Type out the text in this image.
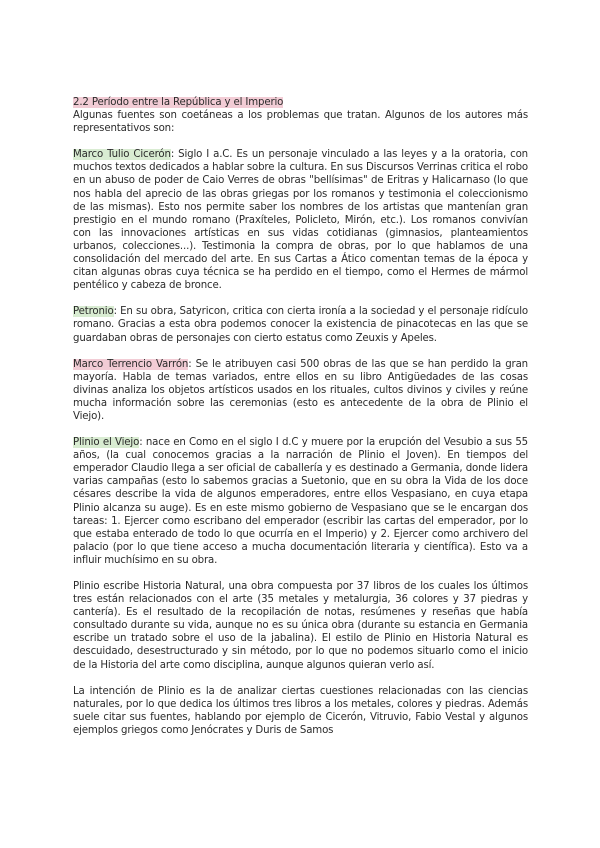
2.2 Período entre la República y el Imperio

Algunas fuentes son coetáneas a los problemas que tratan. Algunos de los autores más representativos son:

Marco Tulio Cicerón: Siglo I a.C. Es un personaje vinculado a las leyes y a la oratoria, con muchos textos dedicados a hablar sobre la cultura. En sus Discursos Verrinas critica el robo en un abuso de poder de Caio Verres de obras "bellísimas" de Eritras y Halicarnaso (lo que nos habla del aprecio de las obras griegas por los romanos y testimonia el coleccionismo de las mismas). Esto nos permite saber los nombres de los artistas que mantenían gran prestigio en el mundo romano (Praxíteles, Policleto, Mirón, etc.). Los romanos convivían con las innovaciones artísticas en sus vidas cotidianas (gimnasios, planteamientos urbanos, colecciones...). Testimonia la compra de obras, por lo que hablamos de una consolidación del mercado del arte. En sus Cartas a Ático comentan temas de la época y citan algunas obras cuya técnica se ha perdido en el tiempo, como el Hermes de mármol pentélico y cabeza de bronce.

Petronio: En su obra, Satyricon, critica con cierta ironía a la sociedad y el personaje ridículo romano. Gracias a esta obra podemos conocer la existencia de pinacotecas en las que se guardaban obras de personajes con cierto estatus como Zeuxis y Apeles.

Marco Terrencio Varrón: Se le atribuyen casi 500 obras de las que se han perdido la gran mayoría. Habla de temas variados, entre ellos en su libro Antigüedades de las cosas divinas analiza los objetos artísticos usados en los rituales, cultos divinos y civiles y reúne mucha información sobre las ceremonias (esto es antecedente de la obra de Plinio el Viejo).

Plinio el Viejo: nace en Como en el siglo I d.C y muere por la erupción del Vesubio a sus 55 años, (la cual conocemos gracias a la narración de Plinio el Joven). En tiempos del emperador Claudio llega a ser oficial de caballería y es destinado a Germania, donde lidera varias campañas (esto lo sabemos gracias a Suetonio, que en su obra la Vida de los doce césares describe la vida de algunos emperadores, entre ellos Vespasiano, en cuya etapa Plinio alcanza su auge). Es en este mismo gobierno de Vespasiano que se le encargan dos tareas: 1. Ejercer como escribano del emperador (escribir las cartas del emperador, por lo que estaba enterado de todo lo que ocurría en el Imperio) y 2. Ejercer como archivero del palacio (por lo que tiene acceso a mucha documentación literaria y científica). Esto va a influir muchísimo en su obra.

Plinio escribe Historia Natural, una obra compuesta por 37 libros de los cuales los últimos tres están relacionados con el arte (35 metales y metalurgia, 36 colores y 37 piedras y cantería). Es el resultado de la recopilación de notas, resúmenes y reseñas que había consultado durante su vida, aunque no es su única obra (durante su estancia en Germania escribe un tratado sobre el uso de la jabalina). El estilo de Plinio en Historia Natural es descuidado, desestructurado y sin método, por lo que no podemos situarlo como el inicio de la Historia del arte como disciplina, aunque algunos quieran verlo así.

La intención de Plinio es la de analizar ciertas cuestiones relacionadas con las ciencias naturales, por lo que dedica los últimos tres libros a los metales, colores y piedras. Además suele citar sus fuentes, hablando por ejemplo de Cicerón, Vitruvio, Fabio Vestal y algunos ejemplos griegos como Jenócrates y Duris de Samos
